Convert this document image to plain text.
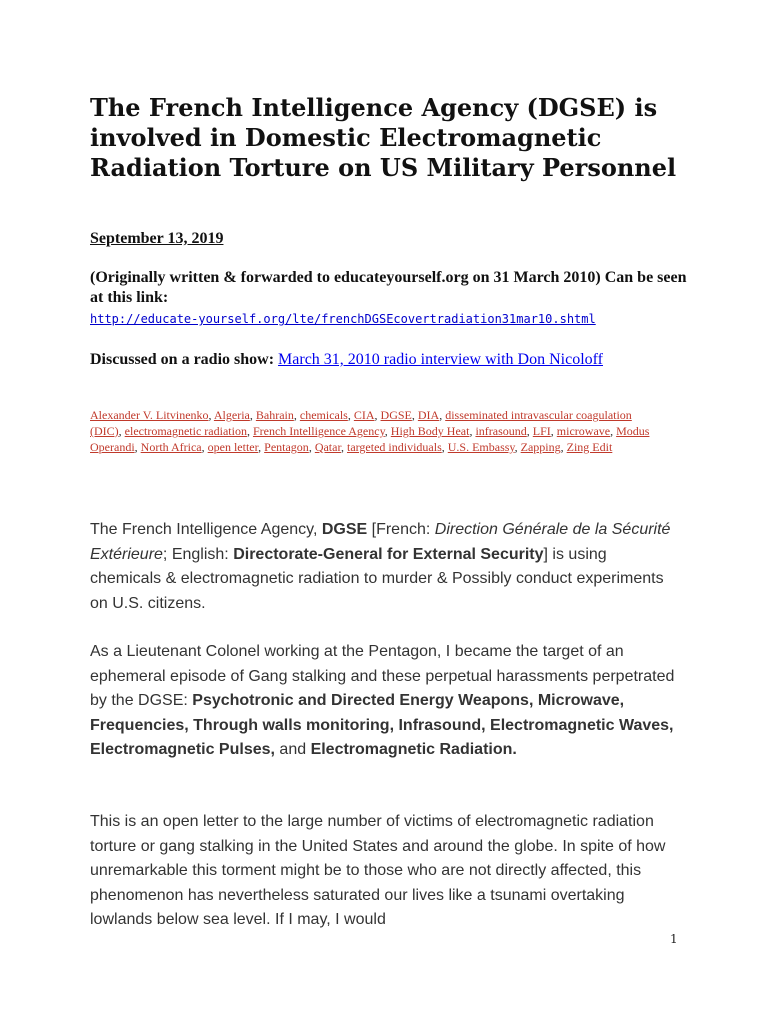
The French Intelligence Agency (DGSE) is involved in Domestic Electromagnetic Radiation Torture on US Military Personnel

September 13, 2019

(Originally written & forwarded to educateyourself.org on 31 March 2010) Can be seen at this link:

http://educate-yourself.org/lte/frenchDGSEcovertradiation31mar10.shtml

Discussed on a radio show: March 31, 2010 radio interview with Don Nicoloff

Alexander V. Litvinenko, Algeria, Bahrain, chemicals, CIA, DGSE, DIA, disseminated intravascular coagulation (DIC), electromagnetic radiation, French Intelligence Agency, High Body Heat, infrasound, LFI, microwave, Modus Operandi, North Africa, open letter, Pentagon, Qatar, targeted individuals, U.S. Embassy, Zapping, Zing Edit

The French Intelligence Agency, DGSE [French: Direction Générale de la Sécurité Extérieure; English: Directorate-General for External Security] is using chemicals & electromagnetic radiation to murder & Possibly conduct experiments on U.S. citizens.

As a Lieutenant Colonel working at the Pentagon, I became the target of an ephemeral episode of Gang stalking and these perpetual harassments perpetrated by the DGSE: Psychotronic and Directed Energy Weapons, Microwave, Frequencies, Through walls monitoring, Infrasound, Electromagnetic Waves, Electromagnetic Pulses, and Electromagnetic Radiation.

This is an open letter to the large number of victims of electromagnetic radiation torture or gang stalking in the United States and around the globe. In spite of how unremarkable this torment might be to those who are not directly affected, this phenomenon has nevertheless saturated our lives like a tsunami overtaking lowlands below sea level. If I may, I would

1
